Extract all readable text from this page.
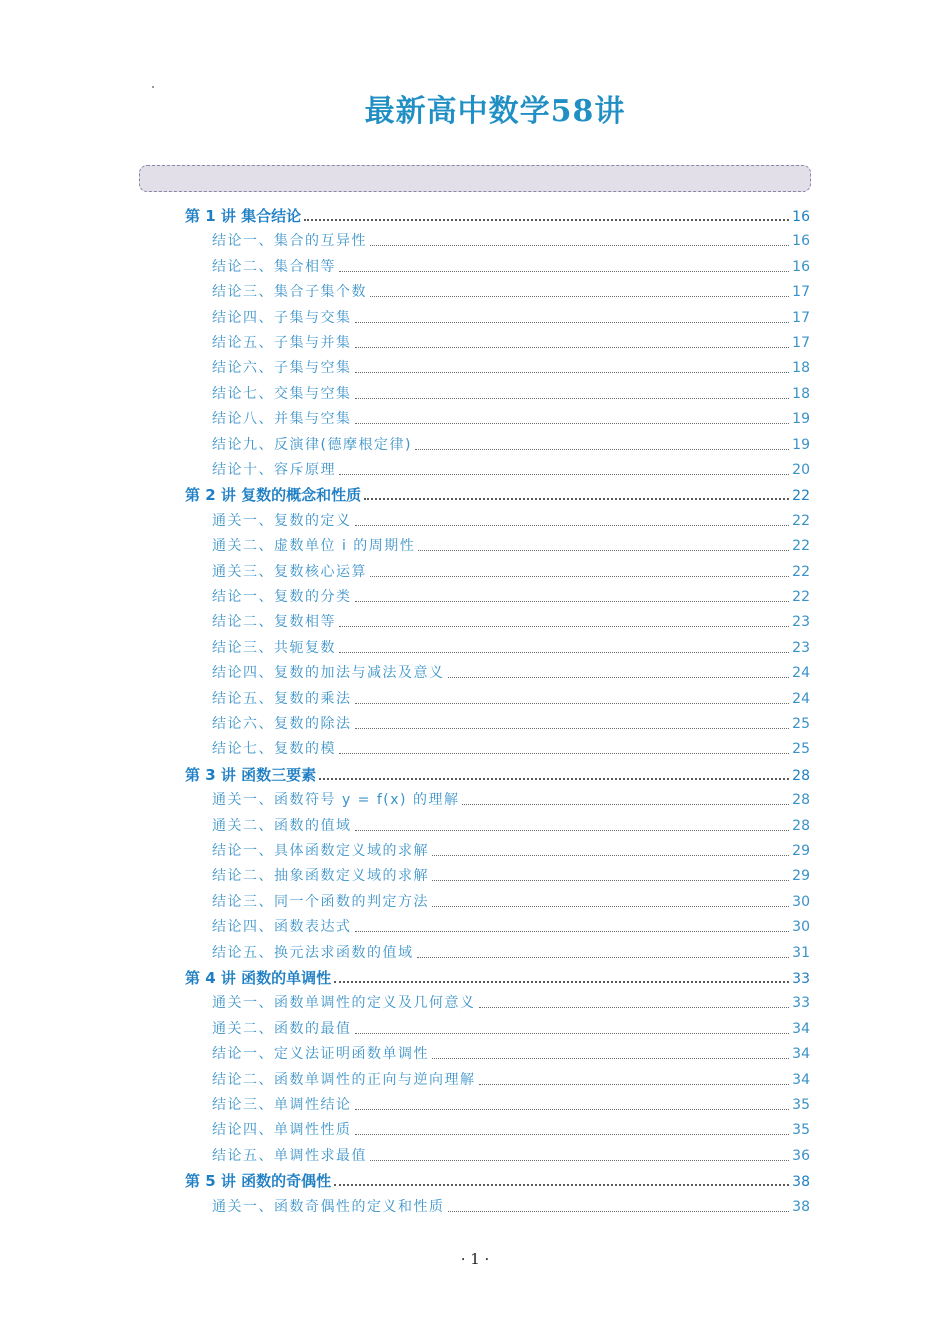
最新高中数学58讲
第 1 讲 集合结论	16
结论一、集合的互异性	16
结论二、集合相等	16
结论三、集合子集个数	17
结论四、子集与交集	17
结论五、子集与并集	17
结论六、子集与空集	18
结论七、交集与空集	18
结论八、并集与空集	19
结论九、反演律(德摩根定律)	19
结论十、容斥原理	20
第 2 讲 复数的概念和性质	22
通关一、复数的定义	22
通关二、虚数单位 i 的周期性	22
通关三、复数核心运算	22
结论一、复数的分类	22
结论二、复数相等	23
结论三、共轭复数	23
结论四、复数的加法与减法及意义	24
结论五、复数的乘法	24
结论六、复数的除法	25
结论七、复数的模	25
第 3 讲 函数三要素	28
通关一、函数符号 y = f(x) 的理解	28
通关二、函数的值域	28
结论一、具体函数定义域的求解	29
结论二、抽象函数定义域的求解	29
结论三、同一个函数的判定方法	30
结论四、函数表达式	30
结论五、换元法求函数的值域	31
第 4 讲 函数的单调性	33
通关一、函数单调性的定义及几何意义	33
通关二、函数的最值	34
结论一、定义法证明函数单调性	34
结论二、函数单调性的正向与逆向理解	34
结论三、单调性结论	35
结论四、单调性性质	35
结论五、单调性求最值	36
第 5 讲 函数的奇偶性	38
通关一、函数奇偶性的定义和性质	38
· 1 ·
